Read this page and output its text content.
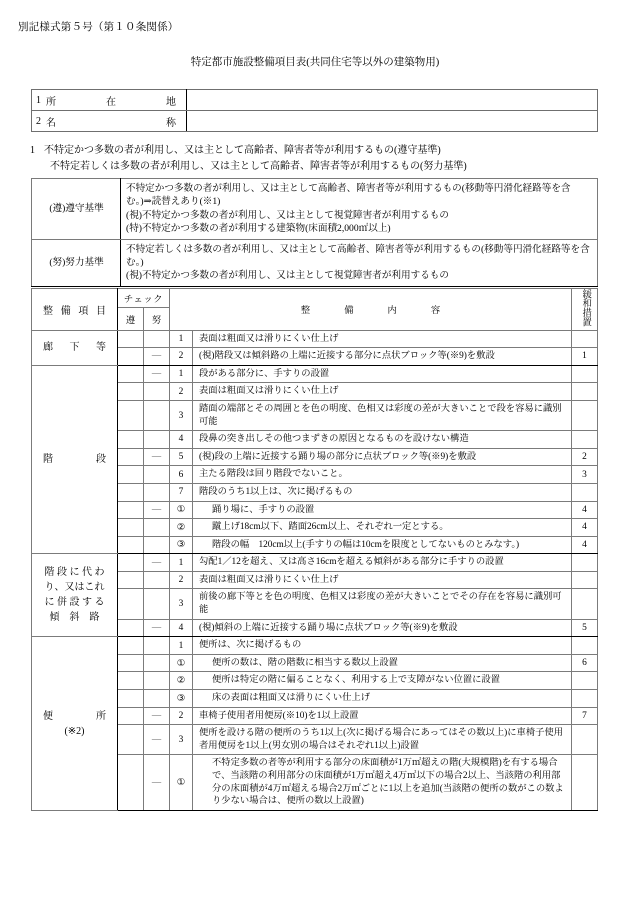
別記様式第５号（第１０条関係）
特定都市施設整備項目表(共同住宅等以外の建築物用)
1 所 在 地	

2 名 称	

1 不特定かつ多数の者が利用し、又は主として高齢者、障害者等が利用するもの(遵守基準)
不特定若しくは多数の者が利用し、又は主として高齢者、障害者等が利用するもの(努力基準)
(遵)遵守基準	不特定かつ多数の者が利用し、又は主として高齢者、障害者等が利用するもの(移動等円滑化経路等を含む。)⇒読替えあり(※1)
(視)不特定かつ多数の者が利用し、又は主として視覚障害者が利用するもの
(特)不特定かつ多数の者が利用する建築物(床面積2,000㎡以上)

(努)努力基準	不特定若しくは多数の者が利用し、又は主として高齢者、障害者等が利用するもの(移動等円滑化経路等を含む。)
(視)不特定かつ多数の者が利用し、又は主として視覚障害者が利用するもの
整 備 項 目	チェック		整 備 内 容		緩和措置
	遵	努			

廊 下 等			1	表面は粗面又は滑りにくい仕上げ	
		—	2	(視)階段又は傾斜路の上端に近接する部分に点状ブロック等(※9)を敷設	1

階 段		—	1	段がある部分に、手すりの設置	
			2	表面は粗面又は滑りにくい仕上げ	
			3	踏面の端部とその周囲とを色の明度、色相又は彩度の差が大きいことで段を容易に識別可能	
			4	段鼻の突き出しその他つまずきの原因となるものを設けない構造	
		—	5	(視)段の上端に近接する踊り場の部分に点状ブロック等(※9)を敷設	2
			6	主たる階段は回り階段でないこと。	3
			7	階段のうち1以上は、次に掲げるもの	
		—	①	踊り場に、手すりの設置	4
			②	蹴上げ18cm以下、踏面26cm以上、それぞれ一定とする。	4
			③	階段の幅　120cm以上(手すりの幅は10cmを限度としてないものとみなす。)	4

階 段 に 代 わ
り、又はこれ
に 併 設 す る
傾　斜　路		—	1	勾配1／12を超え、又は高さ16cmを超える傾斜がある部分に手すりの設置	
			2	表面は粗面又は滑りにくい仕上げ	
			3	前後の廊下等とを色の明度、色相又は彩度の差が大きいことでその存在を容易に識別可能	
		—	4	(視)傾斜の上端に近接する踊り場に点状ブロック等(※9)を敷設	5

便 所
(※2)			1	便所は、次に掲げるもの	
			①	便所の数は、階の階数に相当する数以上設置	6
			②	便所は特定の階に偏ることなく、利用する上で支障がない位置に設置	
			③	床の表面は粗面又は滑りにくい仕上げ	
		—	2	車椅子使用者用便房(※10)を1以上設置	7
		—	3	便所を設ける階の便所のうち1以上(次に掲げる場合にあってはその数以上)に車椅子使用者用便房を1以上(男女別の場合はそれぞれ1以上)設置	
		—	①	不特定多数の者等が利用する部分の床面積が1万㎡超えの階(大規模階)を有する場合で、当該階の利用部分の床面積が1万㎡超え4万㎡以下の場合2以上、当該階の利用部分の床面積が4万㎡超える場合2万㎡ごとに1以上を追加(当該階の便所の数がこの数より少ない場合は、便所の数以上設置)	
